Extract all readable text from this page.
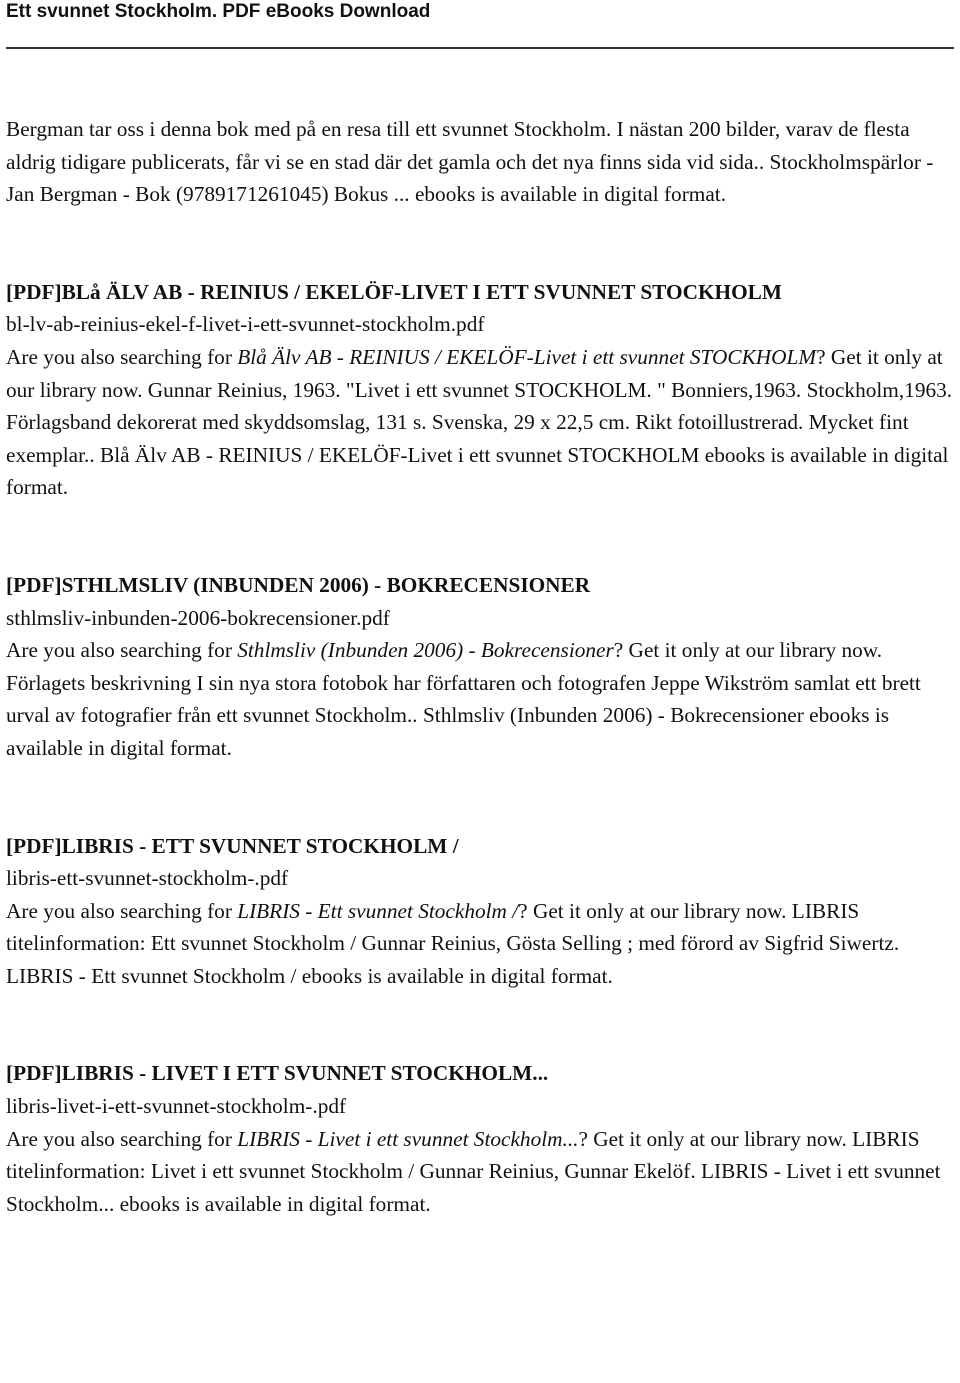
Ett svunnet Stockholm. PDF eBooks Download

Bergman tar oss i denna bok med på en resa till ett svunnet Stockholm. I nästan 200 bilder, varav de flesta aldrig tidigare publicerats, får vi se en stad där det gamla och det nya finns sida vid sida.. Stockholmspärlor - Jan Bergman - Bok (9789171261045) Bokus ... ebooks is available in digital format.

[PDF]BLå ÄLV AB - REINIUS / EKELÖF-LIVET I ETT SVUNNET STOCKHOLM

bl-lv-ab-reinius-ekel-f-livet-i-ett-svunnet-stockholm.pdf

Are you also searching for Blå Älv AB - REINIUS / EKELÖF-Livet i ett svunnet STOCKHOLM? Get it only at our library now. Gunnar Reinius, 1963. "Livet i ett svunnet STOCKHOLM. " Bonniers,1963. Stockholm,1963. Förlagsband dekorerat med skyddsomslag, 131 s. Svenska, 29 x 22,5 cm. Rikt fotoillustrerad. Mycket fint exemplar.. Blå Älv AB - REINIUS / EKELÖF-Livet i ett svunnet STOCKHOLM ebooks is available in digital format.

[PDF]STHLMSLIV (INBUNDEN 2006) - BOKRECENSIONER

sthlmsliv-inbunden-2006-bokrecensioner.pdf

Are you also searching for Sthlmsliv (Inbunden 2006) - Bokrecensioner? Get it only at our library now. Förlagets beskrivning I sin nya stora fotobok har författaren och fotografen Jeppe Wikström samlat ett brett urval av fotografier från ett svunnet Stockholm.. Sthlmsliv (Inbunden 2006) - Bokrecensioner ebooks is available in digital format.

[PDF]LIBRIS - ETT SVUNNET STOCKHOLM /

libris-ett-svunnet-stockholm-.pdf

Are you also searching for LIBRIS - Ett svunnet Stockholm /? Get it only at our library now. LIBRIS titelinformation: Ett svunnet Stockholm / Gunnar Reinius, Gösta Selling ; med förord av Sigfrid Siwertz. LIBRIS - Ett svunnet Stockholm / ebooks is available in digital format.

[PDF]LIBRIS - LIVET I ETT SVUNNET STOCKHOLM...

libris-livet-i-ett-svunnet-stockholm-.pdf

Are you also searching for LIBRIS - Livet i ett svunnet Stockholm...? Get it only at our library now. LIBRIS titelinformation: Livet i ett svunnet Stockholm / Gunnar Reinius, Gunnar Ekelöf. LIBRIS - Livet i ett svunnet Stockholm... ebooks is available in digital format.
